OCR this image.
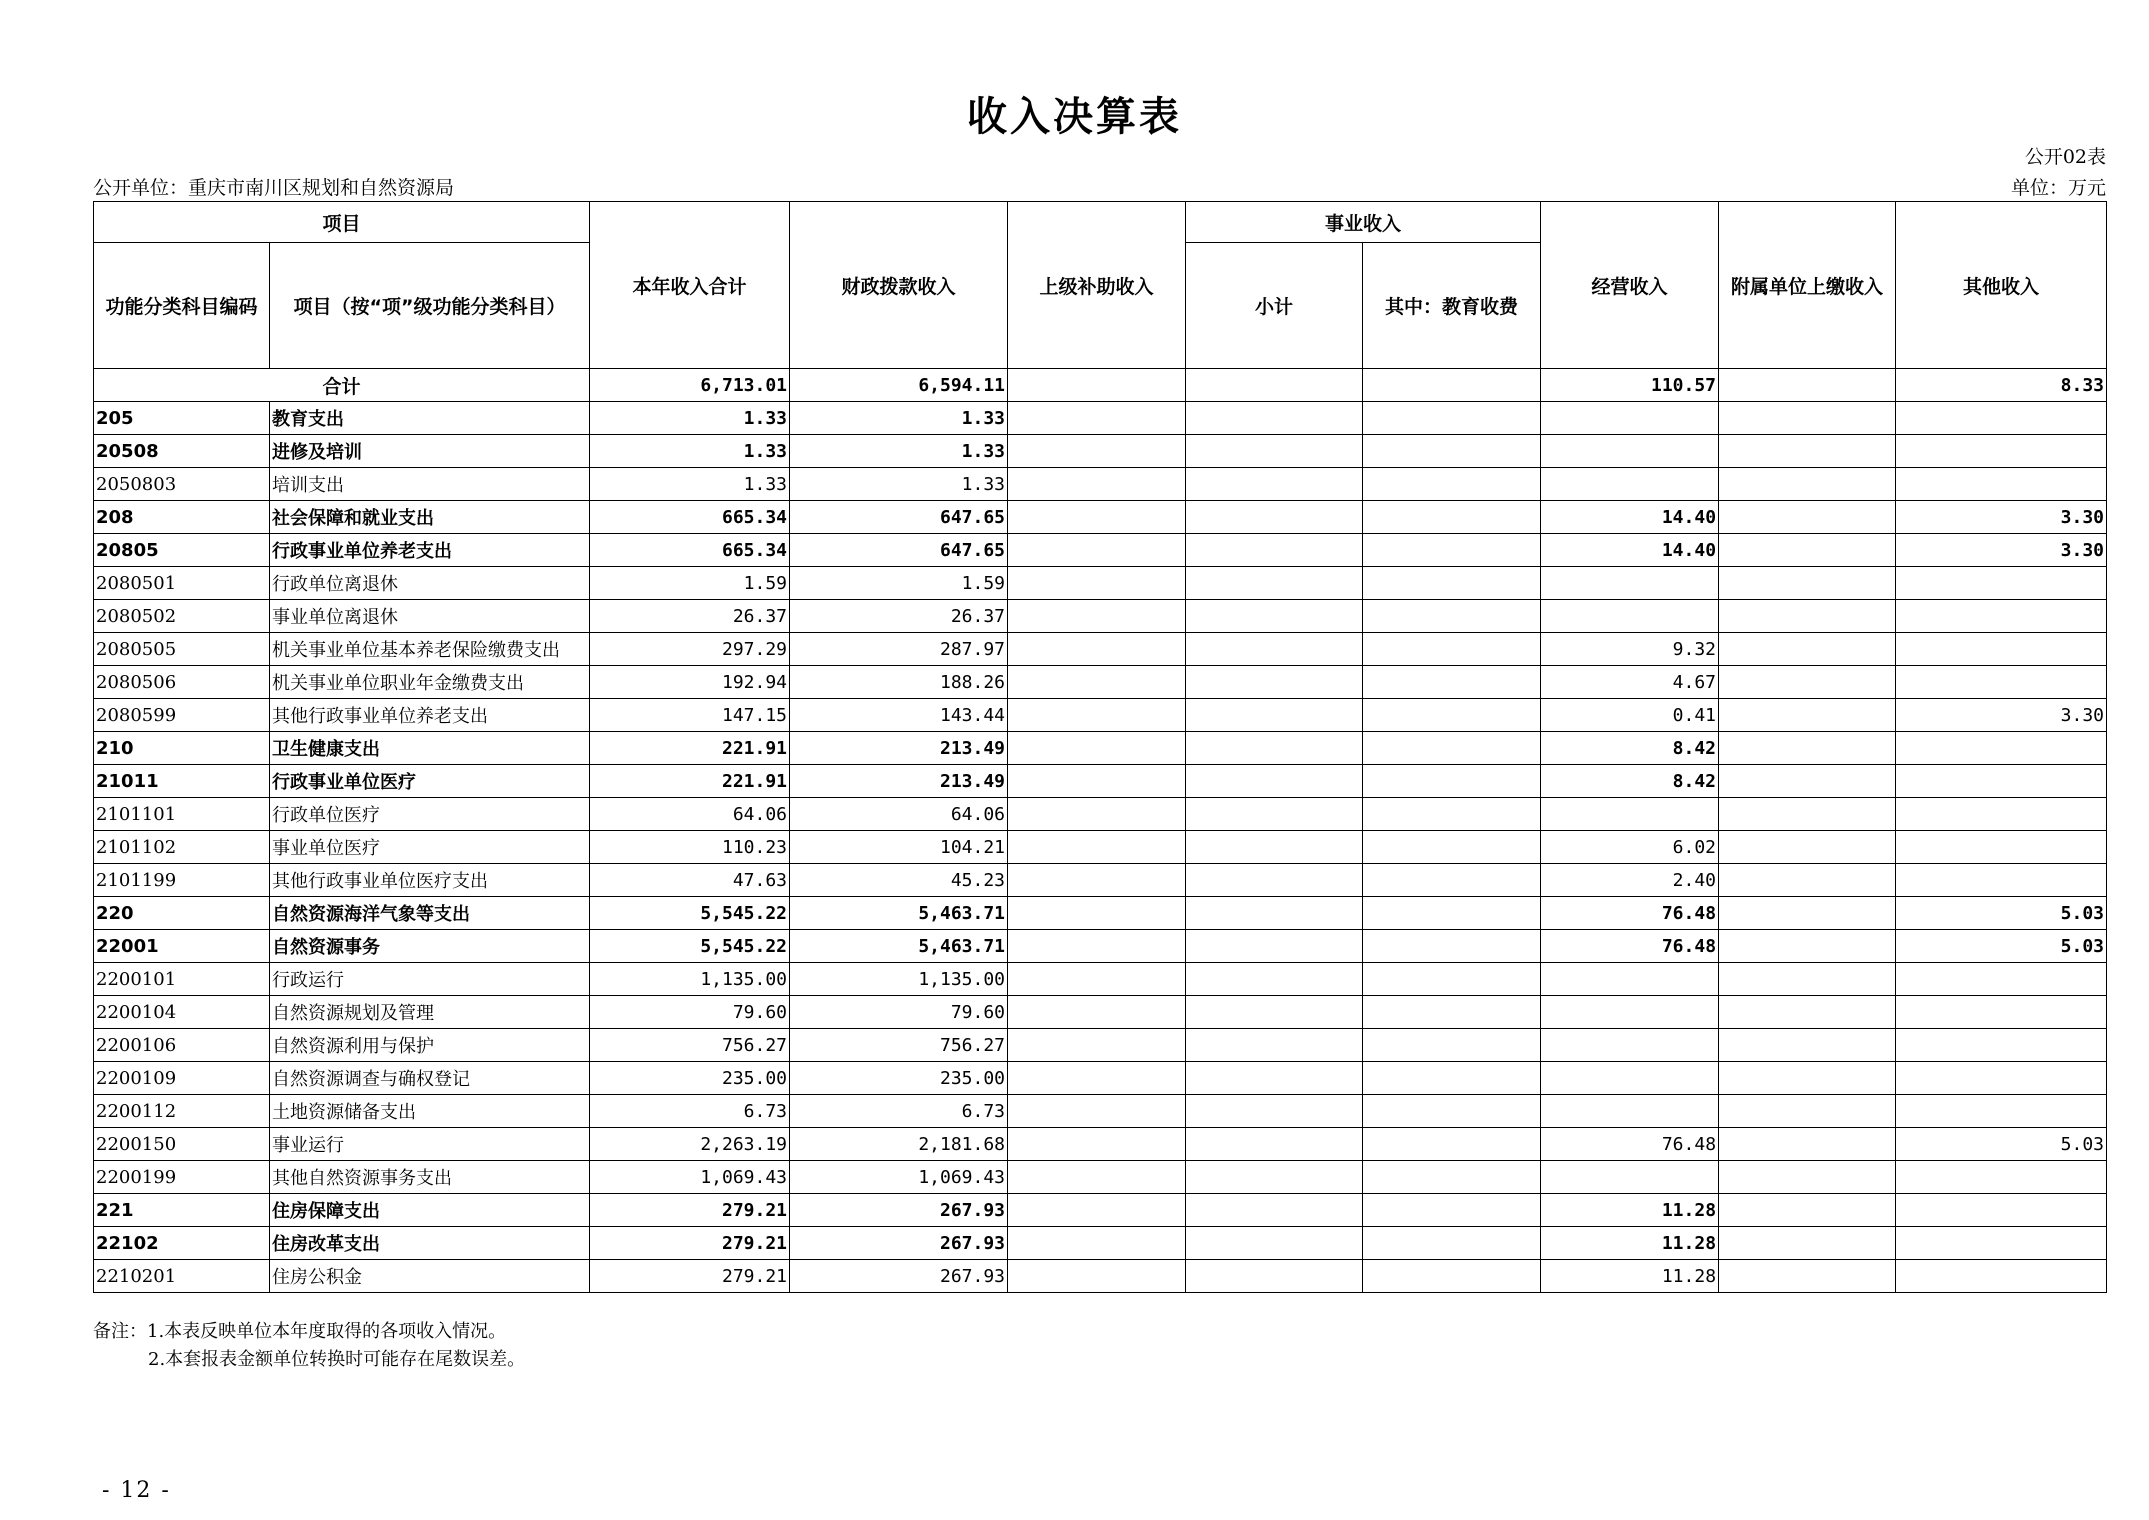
收入决算表
公开02表
公开单位：重庆市南川区规划和自然资源局	单位：万元
项目		本年收入合计	财政拨款收入	上级补助收入	事业收入		经营收入	附属单位上缴收入	其他收入
功能分类科目编码	项目（按“项”级功能分类科目）				小计	其中：教育收费			
合计		6,713.01	6,594.11				110.57		8.33
205	教育支出	1.33	1.33						
20508	进修及培训	1.33	1.33						
2050803	培训支出	1.33	1.33						
208	社会保障和就业支出	665.34	647.65				14.40		3.30
20805	行政事业单位养老支出	665.34	647.65				14.40		3.30
2080501	行政单位离退休	1.59	1.59						
2080502	事业单位离退休	26.37	26.37						
2080505	机关事业单位基本养老保险缴费支出	297.29	287.97				9.32		
2080506	机关事业单位职业年金缴费支出	192.94	188.26				4.67		
2080599	其他行政事业单位养老支出	147.15	143.44				0.41		3.30
210	卫生健康支出	221.91	213.49				8.42		
21011	行政事业单位医疗	221.91	213.49				8.42		
2101101	行政单位医疗	64.06	64.06						
2101102	事业单位医疗	110.23	104.21				6.02		
2101199	其他行政事业单位医疗支出	47.63	45.23				2.40		
220	自然资源海洋气象等支出	5,545.22	5,463.71				76.48		5.03
22001	自然资源事务	5,545.22	5,463.71				76.48		5.03
2200101	行政运行	1,135.00	1,135.00						
2200104	自然资源规划及管理	79.60	79.60						
2200106	自然资源利用与保护	756.27	756.27						
2200109	自然资源调查与确权登记	235.00	235.00						
2200112	土地资源储备支出	6.73	6.73						
2200150	事业运行	2,263.19	2,181.68				76.48		5.03
2200199	其他自然资源事务支出	1,069.43	1,069.43						
221	住房保障支出	279.21	267.93				11.28		
22102	住房改革支出	279.21	267.93				11.28		
2210201	住房公积金	279.21	267.93				11.28		
备注：1.本表反映单位本年度取得的各项收入情况。
2.本套报表金额单位转换时可能存在尾数误差。
- 12 -
